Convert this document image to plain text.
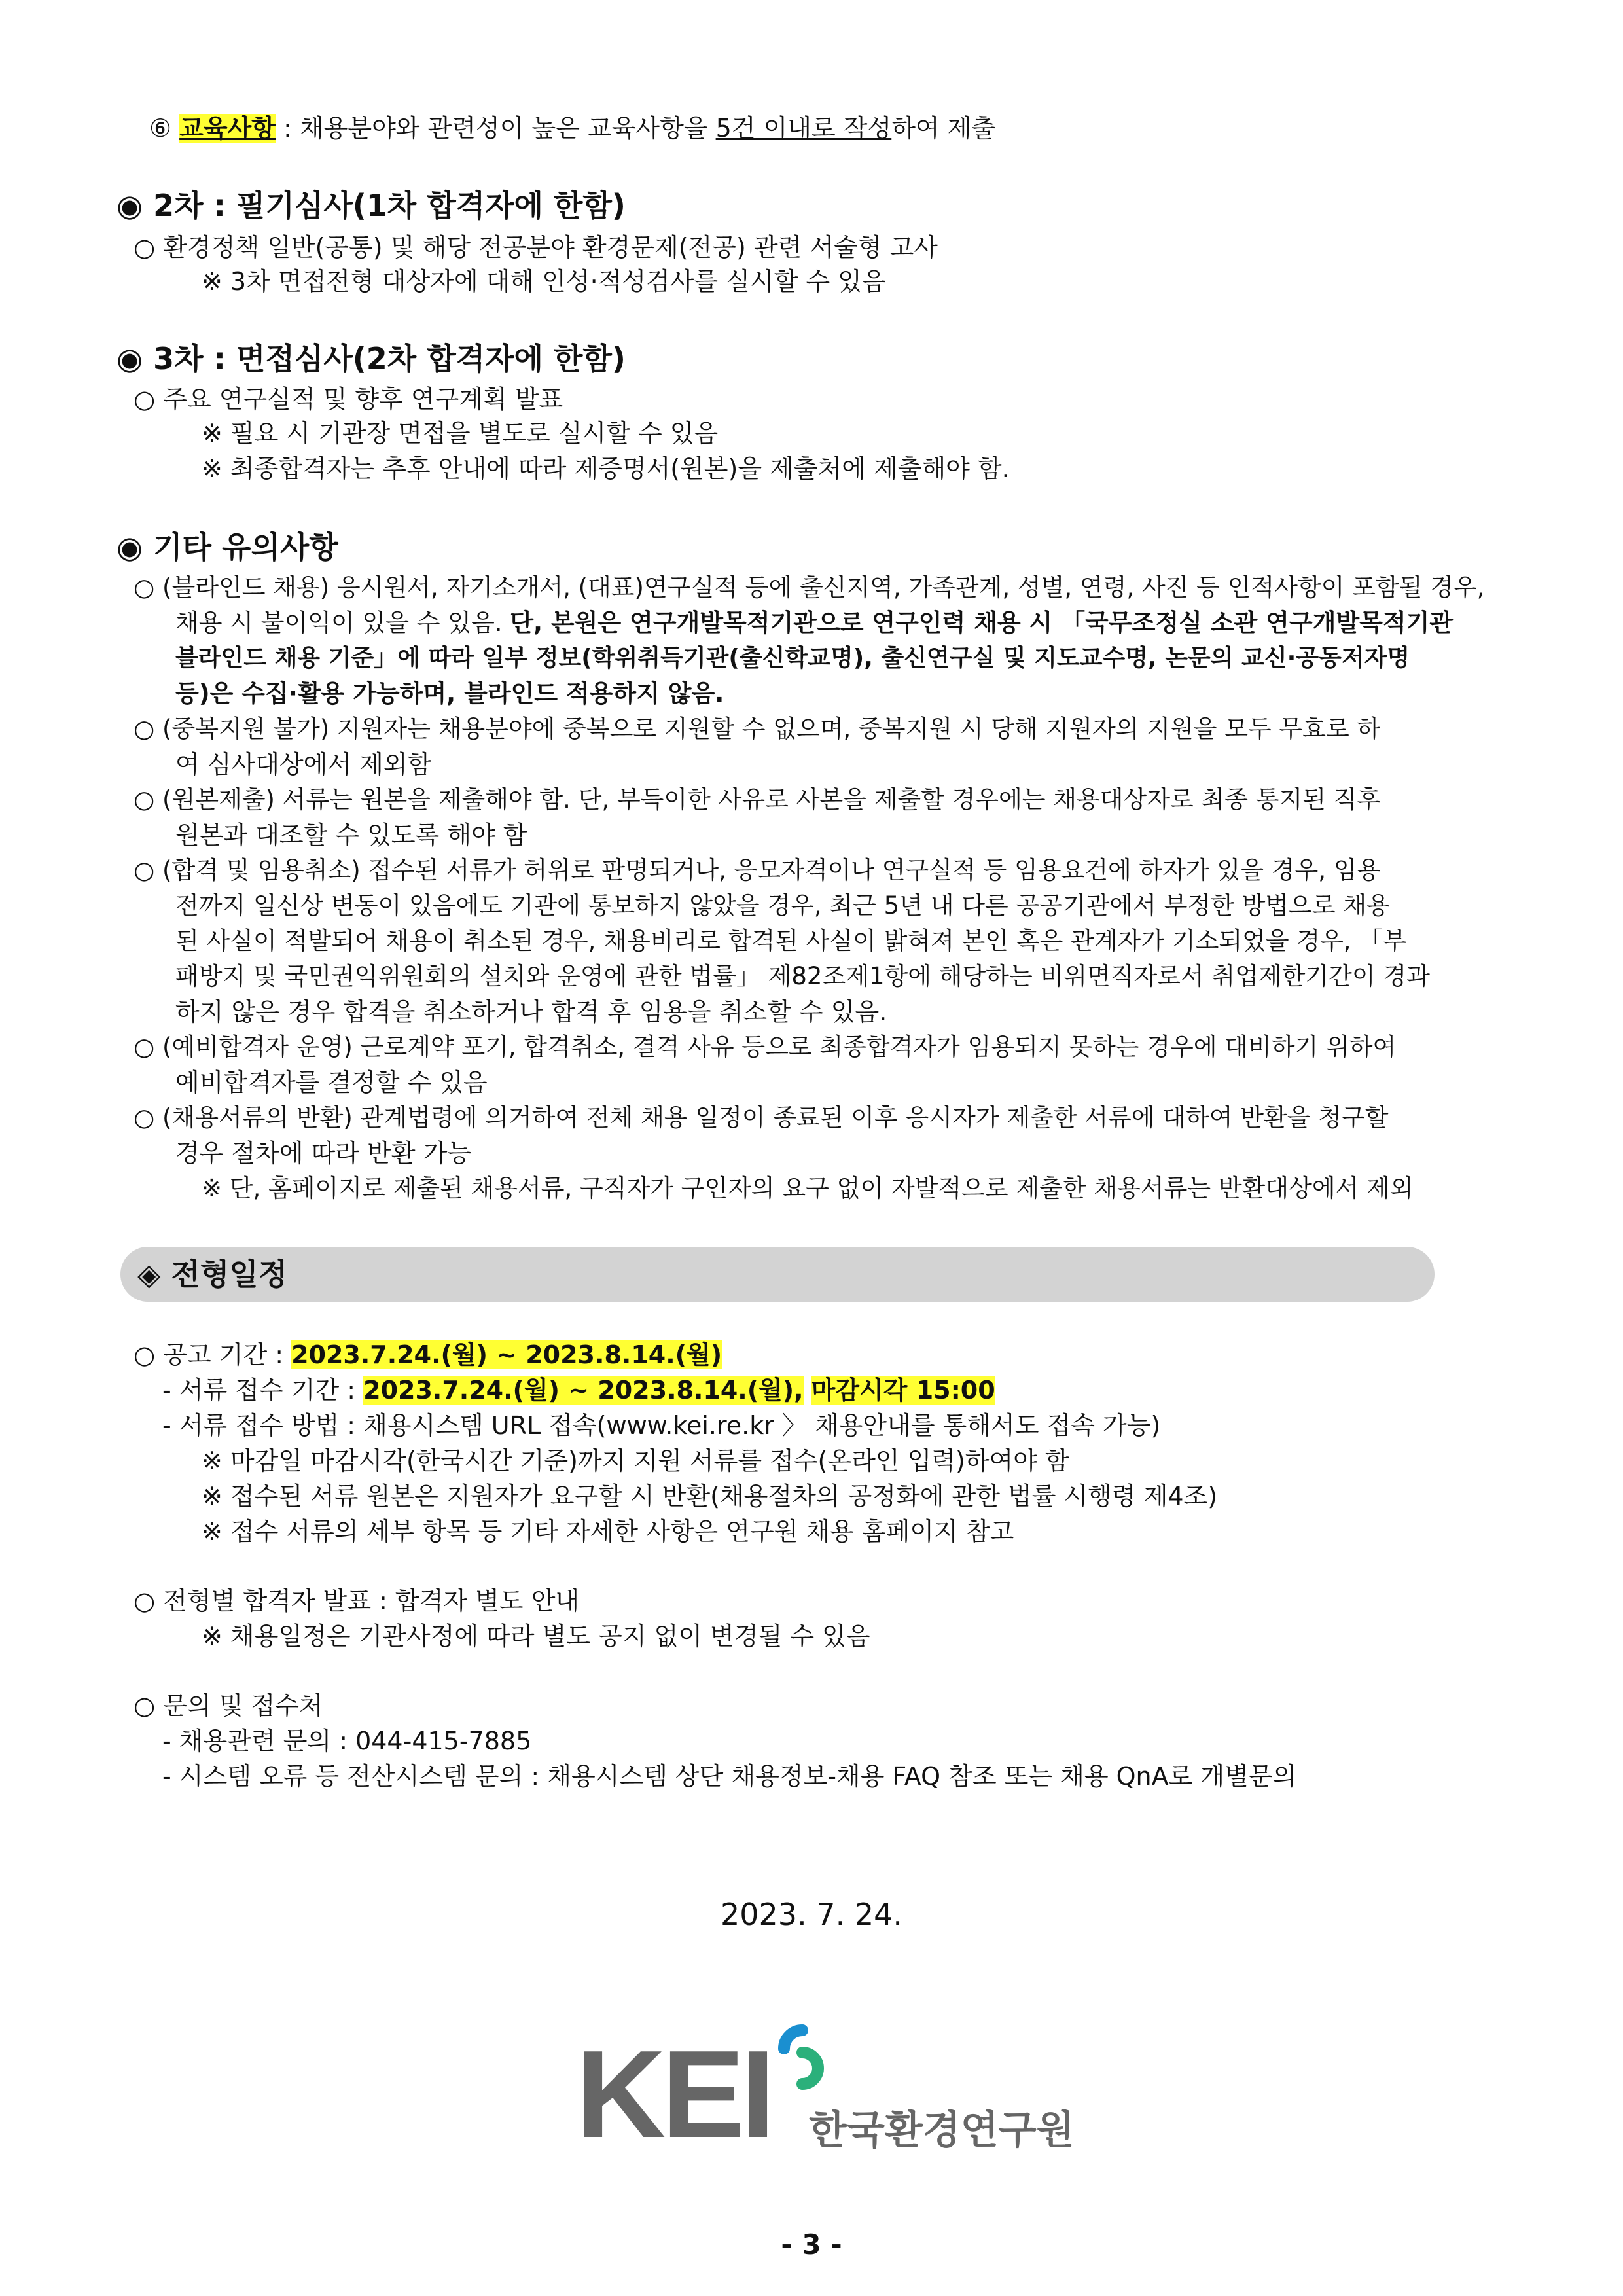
⑥ 교육사항 : 채용분야와 관련성이 높은 교육사항을 5건 이내로 작성하여 제출
◉ 2차 : 필기심사(1차 합격자에 한함)
○ 환경정책 일반(공통) 및 해당 전공분야 환경문제(전공) 관련 서술형 고사
※ 3차 면접전형 대상자에 대해 인성·적성검사를 실시할 수 있음
◉ 3차 : 면접심사(2차 합격자에 한함)
○ 주요 연구실적 및 향후 연구계획 발표
※ 필요 시 기관장 면접을 별도로 실시할 수 있음
※ 최종합격자는 추후 안내에 따라 제증명서(원본)을 제출처에 제출해야 함.
◉ 기타 유의사항
○ (블라인드 채용) 응시원서, 자기소개서, (대표)연구실적 등에 출신지역, 가족관계, 성별, 연령, 사진 등 인적사항이 포함될 경우,
채용 시 불이익이 있을 수 있음. 단, 본원은 연구개발목적기관으로 연구인력 채용 시 「국무조정실 소관 연구개발목적기관
블라인드 채용 기준」에 따라 일부 정보(학위취득기관(출신학교명), 출신연구실 및 지도교수명, 논문의 교신·공동저자명
등)은 수집·활용 가능하며, 블라인드 적용하지 않음.
○ (중복지원 불가) 지원자는 채용분야에 중복으로 지원할 수 없으며, 중복지원 시 당해 지원자의 지원을 모두 무효로 하
여 심사대상에서 제외함
○ (원본제출) 서류는 원본을 제출해야 함. 단, 부득이한 사유로 사본을 제출할 경우에는 채용대상자로 최종 통지된 직후
원본과 대조할 수 있도록 해야 함
○ (합격 및 임용취소) 접수된 서류가 허위로 판명되거나, 응모자격이나 연구실적 등 임용요건에 하자가 있을 경우, 임용
전까지 일신상 변동이 있음에도 기관에 통보하지 않았을 경우, 최근 5년 내 다른 공공기관에서 부정한 방법으로 채용
된 사실이 적발되어 채용이 취소된 경우, 채용비리로 합격된 사실이 밝혀져 본인 혹은 관계자가 기소되었을 경우, 「부
패방지 및 국민권익위원회의 설치와 운영에 관한 법률」 제82조제1항에 해당하는 비위면직자로서 취업제한기간이 경과
하지 않은 경우 합격을 취소하거나 합격 후 임용을 취소할 수 있음.
○ (예비합격자 운영) 근로계약 포기, 합격취소, 결격 사유 등으로 최종합격자가 임용되지 못하는 경우에 대비하기 위하여
예비합격자를 결정할 수 있음
○ (채용서류의 반환) 관계법령에 의거하여 전체 채용 일정이 종료된 이후 응시자가 제출한 서류에 대하여 반환을 청구할
경우 절차에 따라 반환 가능
※ 단, 홈페이지로 제출된 채용서류, 구직자가 구인자의 요구 없이 자발적으로 제출한 채용서류는 반환대상에서 제외
◈ 전형일정
○ 공고 기간 : 2023.7.24.(월) ~ 2023.8.14.(월)
- 서류 접수 기간 : 2023.7.24.(월) ~ 2023.8.14.(월), 마감시각 15:00
- 서류 접수 방법 : 채용시스템 URL 접속(www.kei.re.kr 〉 채용안내를 통해서도 접속 가능)
※ 마감일 마감시각(한국시간 기준)까지 지원 서류를 접수(온라인 입력)하여야 함
※ 접수된 서류 원본은 지원자가 요구할 시 반환(채용절차의 공정화에 관한 법률 시행령 제4조)
※ 접수 서류의 세부 항목 등 기타 자세한 사항은 연구원 채용 홈페이지 참고
○ 전형별 합격자 발표 : 합격자 별도 안내
※ 채용일정은 기관사정에 따라 별도 공지 없이 변경될 수 있음
○ 문의 및 접수처
- 채용관련 문의 : 044-415-7885
- 시스템 오류 등 전산시스템 문의 : 채용시스템 상단 채용정보-채용 FAQ 참조 또는 채용 QnA로 개별문의
2023. 7. 24.
KEI 한국환경연구원
- 3 -
